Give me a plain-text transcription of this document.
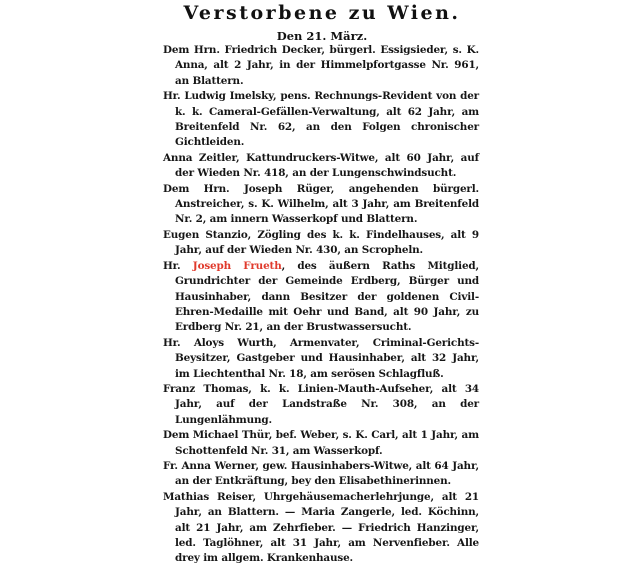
Verstorbene zu Wien.
Den 21. März.

Dem Hrn. Friedrich Decker, bürgerl. Essigsieder, s. K. Anna, alt 2 Jahr, in der Himmelpfortgasse Nr. 961, an Blattern.

Hr. Ludwig Imelsky, pens. Rechnungs-Revident von der k. k. Cameral-Gefällen-Verwaltung, alt 62 Jahr, am Breitenfeld Nr. 62, an den Folgen chronischer Gichtleiden.

Anna Zeitler, Kattundruckers-Witwe, alt 60 Jahr, auf der Wieden Nr. 418, an der Lungenschwindsucht.

Dem Hrn. Joseph Rüger, angehenden bürgerl. Anstreicher, s. K. Wilhelm, alt 3 Jahr, am Breitenfeld Nr. 2, am innern Wasserkopf und Blattern.

Eugen Stanzio, Zögling des k. k. Findelhauses, alt 9 Jahr, auf der Wieden Nr. 430, an Scropheln.

Hr. Joseph Frueth, des äußern Raths Mitglied, Grundrichter der Gemeinde Erdberg, Bürger und Hausinhaber, dann Besitzer der goldenen Civil-Ehren-Medaille mit Oehr und Band, alt 90 Jahr, zu Erdberg Nr. 21, an der Brustwassersucht.

Hr. Aloys Wurth, Armenvater, Criminal-Gerichts-Beysitzer, Gastgeber und Hausinhaber, alt 32 Jahr, im Liechtenthal Nr. 18, am serösen Schlagfluß.

Franz Thomas, k. k. Linien-Mauth-Aufseher, alt 34 Jahr, auf der Landstraße Nr. 308, an der Lungenlähmung.

Dem Michael Thür, bef. Weber, s. K. Carl, alt 1 Jahr, am Schottenfeld Nr. 31, am Wasserkopf.

Fr. Anna Werner, gew. Hausinhabers-Witwe, alt 64 Jahr, an der Entkräftung, bey den Elisabethinerinnen.

Mathias Reiser, Uhrgehäusemacherlehrjunge, alt 21 Jahr, an Blattern. — Maria Zangerle, led. Köchinn, alt 21 Jahr, am Zehrfieber. — Friedrich Hanzinger, led. Taglöhner, alt 31 Jahr, am Nervenfieber. Alle drey im allgem. Krankenhause.
